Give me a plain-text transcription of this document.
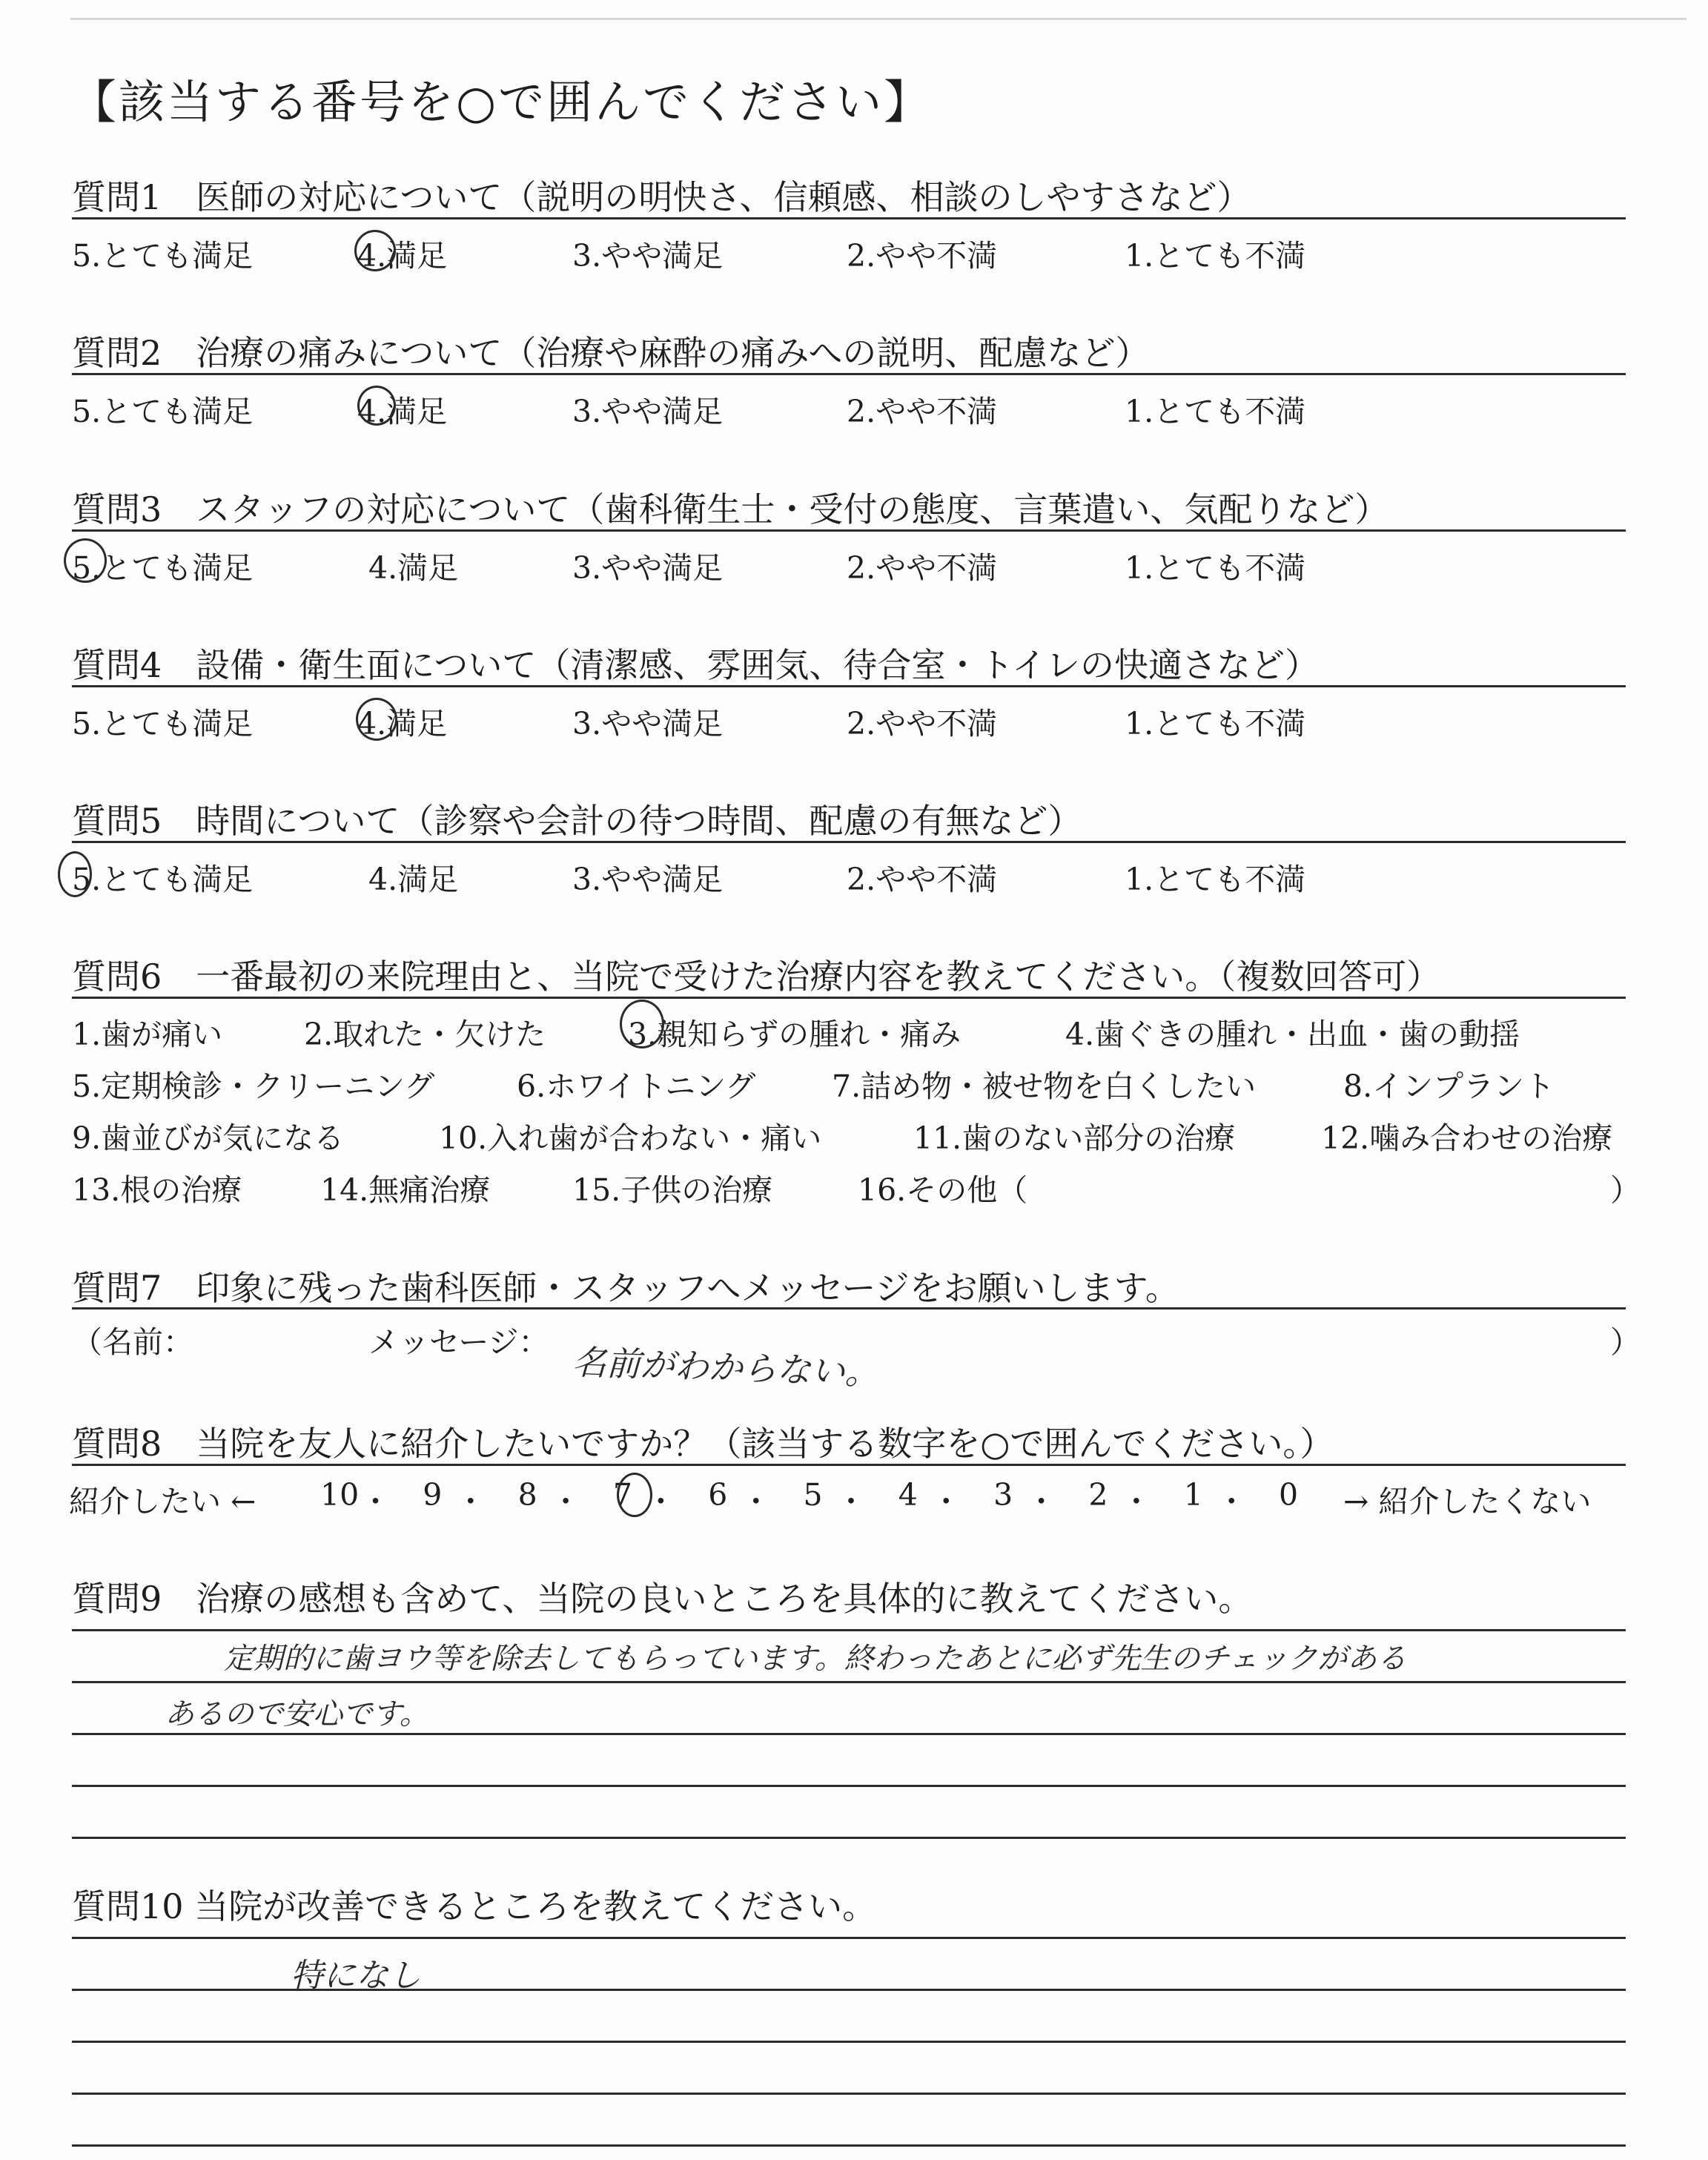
【該当する番号を○で囲んでください】
質問1　医師の対応について（説明の明快さ、信頼感、相談のしやすさなど）
5.とても満足	4.満足	3.やや満足	2.やや不満	1.とても不満
質問2　治療の痛みについて（治療や麻酔の痛みへの説明、配慮など）
5.とても満足	4.満足	3.やや満足	2.やや不満	1.とても不満
質問3　スタッフの対応について（歯科衛生士・受付の態度、言葉遣い、気配りなど）
5.とても満足	4.満足	3.やや満足	2.やや不満	1.とても不満
質問4　設備・衛生面について（清潔感、雰囲気、待合室・トイレの快適さなど）
5.とても満足	4.満足	3.やや満足	2.やや不満	1.とても不満
質問5　時間について（診察や会計の待つ時間、配慮の有無など）
5.とても満足	4.満足	3.やや満足	2.やや不満	1.とても不満
質問6　一番最初の来院理由と、当院で受けた治療内容を教えてください。（複数回答可）
1.歯が痛い	2.取れた・欠けた	3.親知らずの腫れ・痛み	4.歯ぐきの腫れ・出血・歯の動揺
5.定期検診・クリーニング	6.ホワイトニング	7.詰め物・被せ物を白くしたい	8.インプラント
9.歯並びが気になる	10.入れ歯が合わない・痛い	11.歯のない部分の治療	12.噛み合わせの治療
13.根の治療	14.無痛治療	15.子供の治療	16.その他（	）
質問7　印象に残った歯科医師・スタッフへメッセージをお願いします。
（名前：	メッセージ：	）
名前がわからない。
質問8　当院を友人に紹介したいですか？（該当する数字を○で囲んでください。）
紹介したい ← 10 ・ 9 ・ 8 ・ 7 ・ 6 ・ 5 ・ 4 ・ 3 ・ 2 ・ 1 ・ 0 → 紹介したくない
質問9　治療の感想も含めて、当院の良いところを具体的に教えてください。
定期的に歯ヨウ等を除去してもらっています。終わったあとに必ず先生のチェックがある
あるので安心です。
質問10 当院が改善できるところを教えてください。
特になし
